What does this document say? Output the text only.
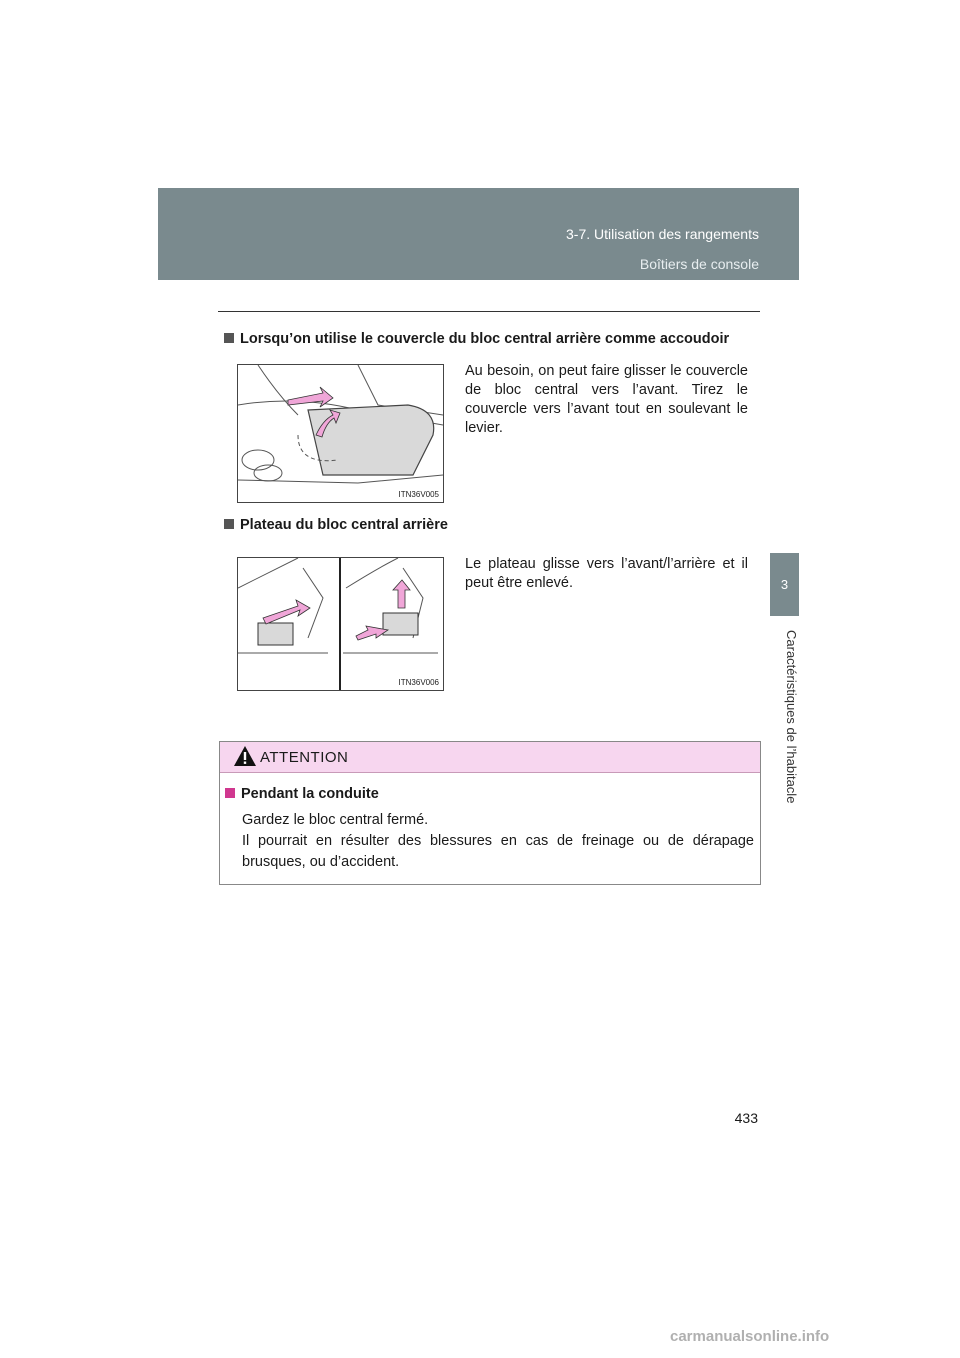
3-7. Utilisation des rangements
Boîtiers de console
3
Caractéristiques de l’habitacle
Lorsqu’on utilise le couvercle du bloc central arrière comme accoudoir
ITN36V005
Au besoin, on peut faire glisser le couvercle de bloc central vers l’avant. Tirez le couvercle vers l’avant tout en soulevant le levier.
Plateau du bloc central arrière
ITN36V006
Le plateau glisse vers l’avant/l’arrière et il peut être enlevé.
ATTENTION
Pendant la conduite
Gardez le bloc central fermé.
Il pourrait en résulter des blessures en cas de freinage ou de dérapage brusques, ou d’accident.
433
carmanualsonline.info
